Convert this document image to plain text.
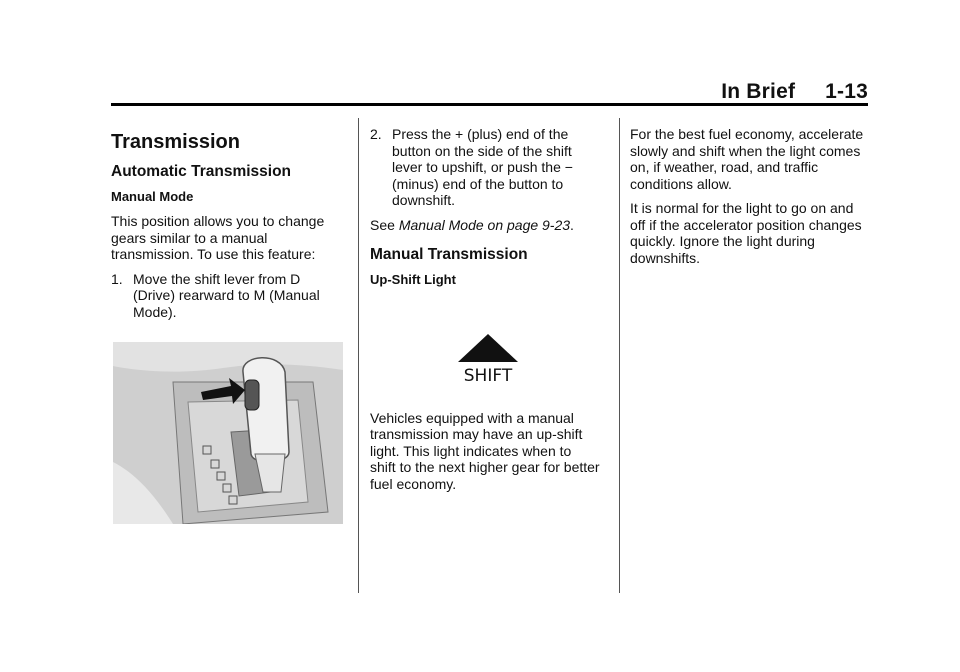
In Brief 1-13
Transmission
Automatic Transmission
Manual Mode

This position allows you to change gears similar to a manual transmission. To use this feature:

1. Move the shift lever from D (Drive) rearward to M (Manual Mode).
2. Press the + (plus) end of the button on the side of the shift lever to upshift, or push the − (minus) end of the button to downshift.

See Manual Mode on page 9-23.

Manual Transmission
Up-Shift Light
SHIFT

Vehicles equipped with a manual transmission may have an up-shift light. This light indicates when to shift to the next higher gear for better fuel economy.

For the best fuel economy, accelerate slowly and shift when the light comes on, if weather, road, and traffic conditions allow.

It is normal for the light to go on and off if the accelerator position changes quickly. Ignore the light during downshifts.
